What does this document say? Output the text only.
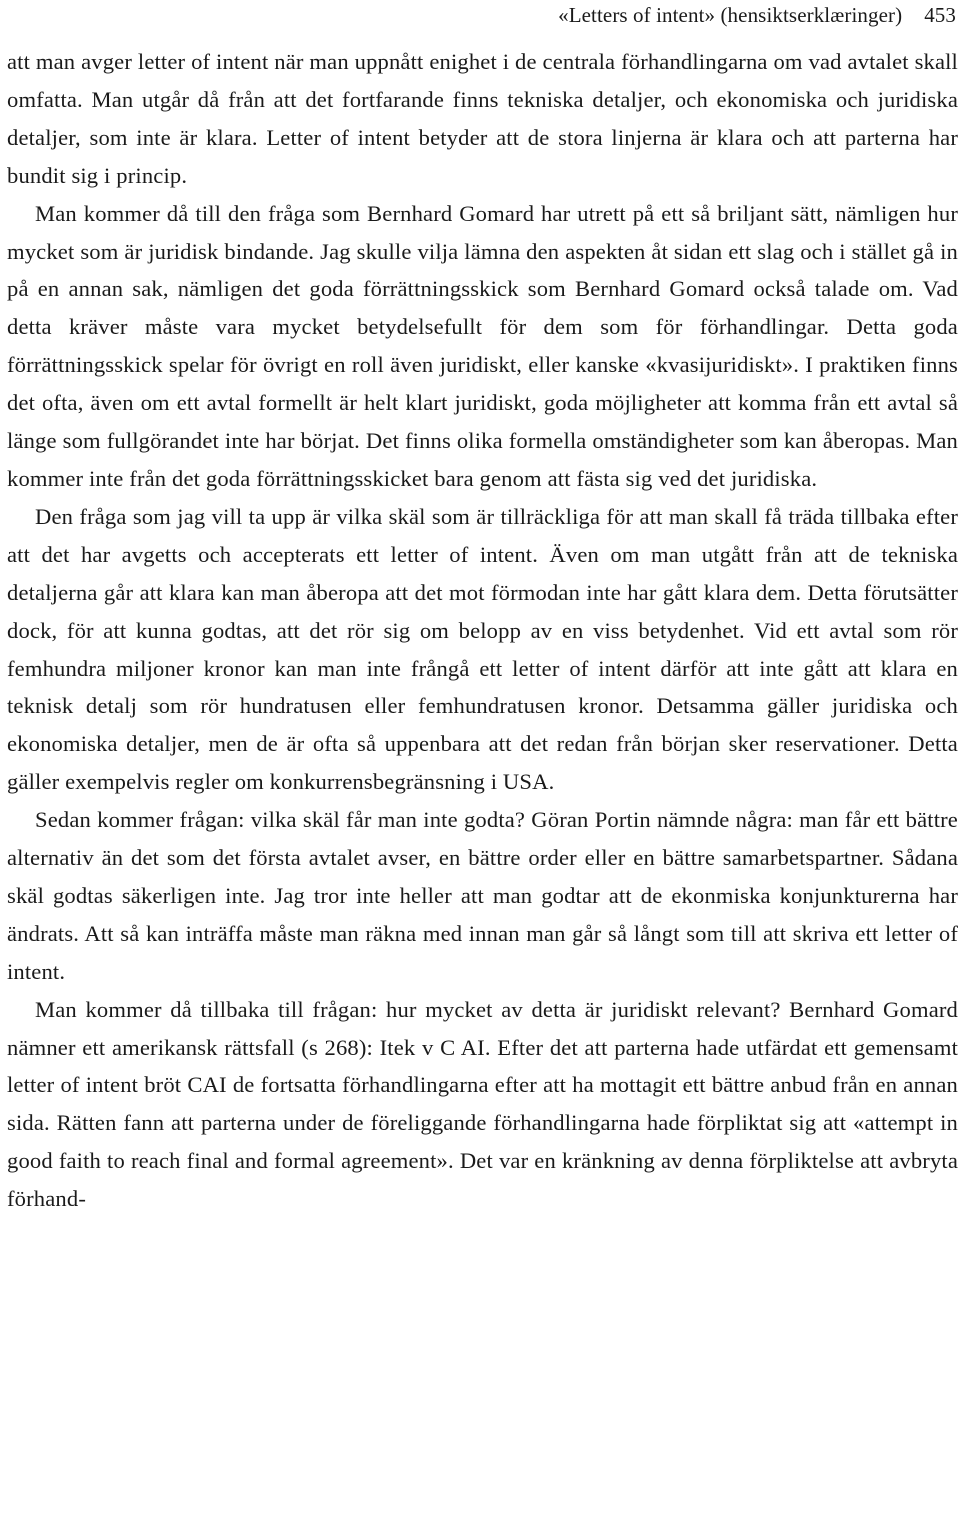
«Letters of intent» (hensiktserklæringer) 453

att man avger letter of intent när man uppnått enighet i de centrala förhandlingarna om vad avtalet skall omfatta. Man utgår då från att det fortfarande finns tekniska detaljer, och ekonomiska och juridiska detaljer, som inte är klara. Letter of intent betyder att de stora linjerna är klara och att parterna har bundit sig i princip.

Man kommer då till den fråga som Bernhard Gomard har utrett på ett så briljant sätt, nämligen hur mycket som är juridisk bindande. Jag skulle vilja lämna den aspekten åt sidan ett slag och i stället gå in på en annan sak, nämligen det goda förrättningsskick som Bernhard Gomard också talade om. Vad detta kräver måste vara mycket betydelsefullt för dem som för förhandlingar. Detta goda förrättningsskick spelar för övrigt en roll även juridiskt, eller kanske «kvasijuridiskt». I praktiken finns det ofta, även om ett avtal formellt är helt klart juridiskt, goda möjligheter att komma från ett avtal så länge som fullgörandet inte har börjat. Det finns olika formella omständigheter som kan åberopas. Man kommer inte från det goda förrättningsskicket bara genom att fästa sig ved det juridiska.

Den fråga som jag vill ta upp är vilka skäl som är tillräckliga för att man skall få träda tillbaka efter att det har avgetts och accepterats ett letter of intent. Även om man utgått från att de tekniska detaljerna går att klara kan man åberopa att det mot förmodan inte har gått klara dem. Detta förutsätter dock, för att kunna godtas, att det rör sig om belopp av en viss betydenhet. Vid ett avtal som rör femhundra miljoner kronor kan man inte frångå ett letter of intent därför att inte gått att klara en teknisk detalj som rör hundratusen eller femhundratusen kronor. Detsamma gäller juridiska och ekonomiska detaljer, men de är ofta så uppenbara att det redan från början sker reservationer. Detta gäller exempelvis regler om konkurrensbegränsning i USA.

Sedan kommer frågan: vilka skäl får man inte godta? Göran Portin nämnde några: man får ett bättre alternativ än det som det första avtalet avser, en bättre order eller en bättre samarbetspartner. Sådana skäl godtas säkerligen inte. Jag tror inte heller att man godtar att de ekonmiska konjunkturerna har ändrats. Att så kan inträffa måste man räkna med innan man går så långt som till att skriva ett letter of intent.

Man kommer då tillbaka till frågan: hur mycket av detta är juridiskt relevant? Bernhard Gomard nämner ett amerikansk rättsfall (s 268): Itek v C AI. Efter det att parterna hade utfärdat ett gemensamt letter of intent bröt CAI de fortsatta förhandlingarna efter att ha mottagit ett bättre anbud från en annan sida. Rätten fann att parterna under de föreliggande förhandlingarna hade förpliktat sig att «attempt in good faith to reach final and formal agreement». Det var en kränkning av denna förpliktelse att avbryta förhand-
